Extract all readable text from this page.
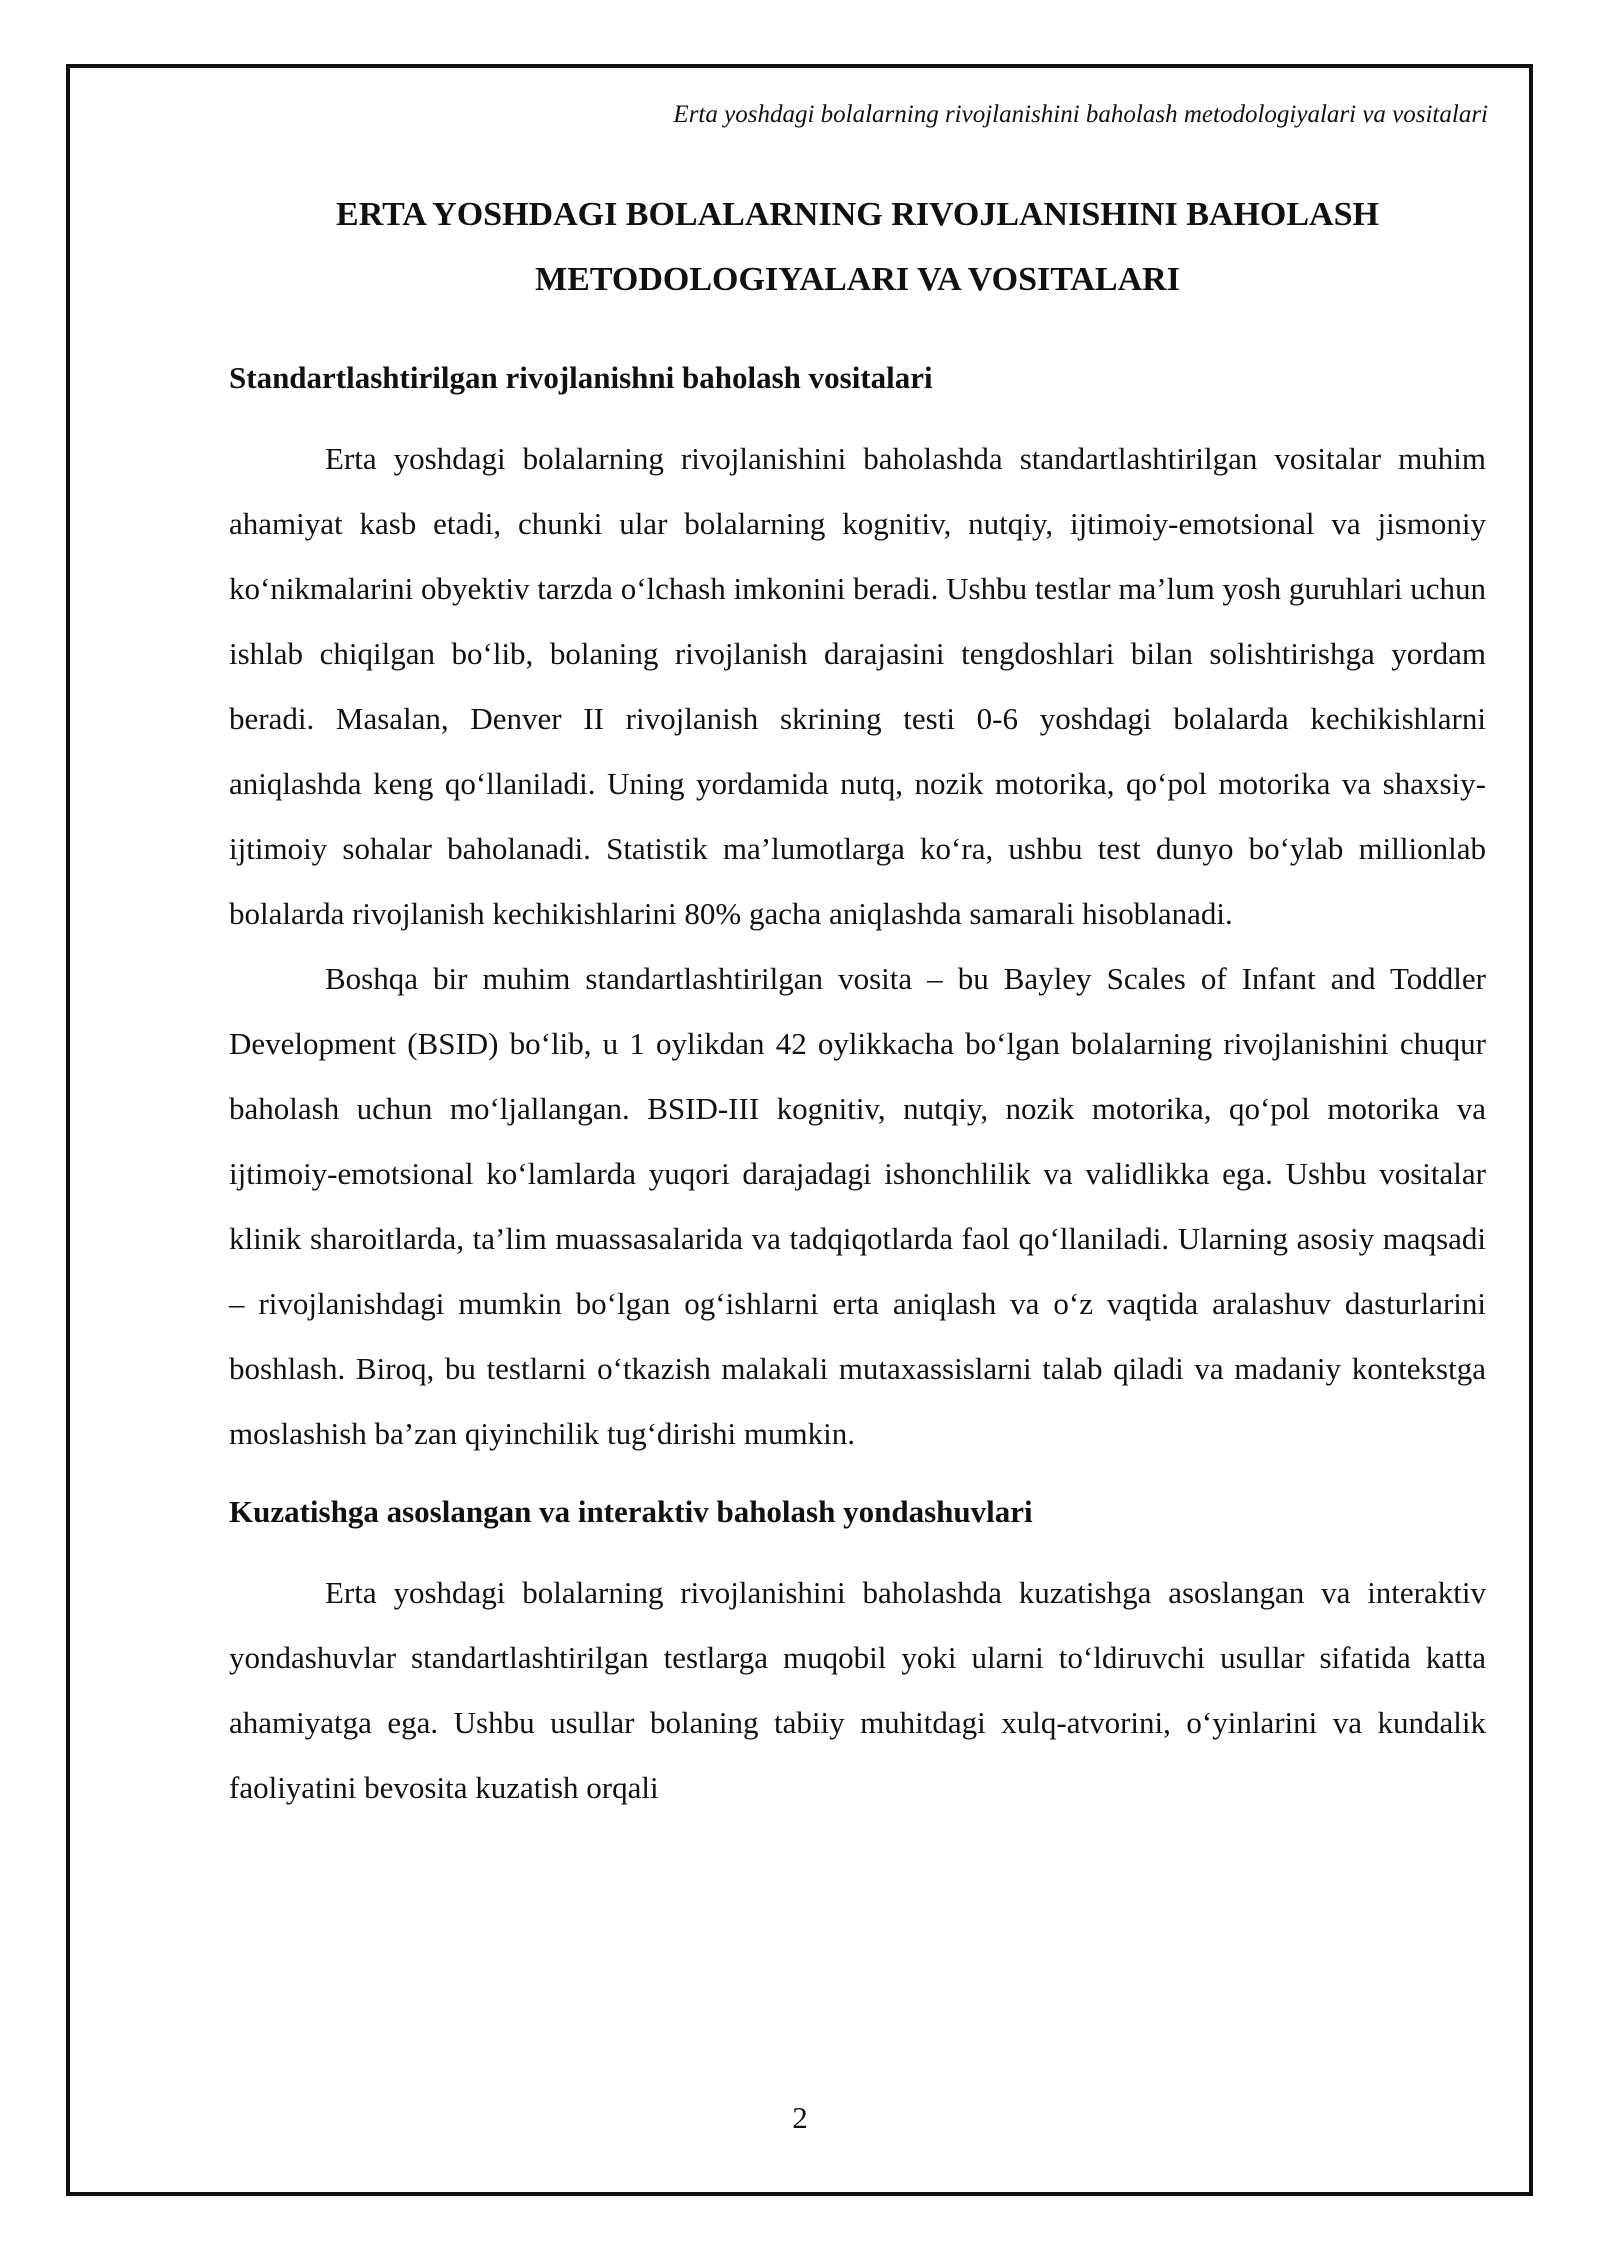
Erta yoshdagi bolalarning rivojlanishini baholash metodologiyalari va vositalari
ERTA YOSHDAGI BOLALARNING RIVOJLANISHINI BAHOLASH
METODOLOGIYALARI VA VOSITALARI
Standartlashtirilgan rivojlanishni baholash vositalari

Erta yoshdagi bolalarning rivojlanishini baholashda standartlashtirilgan vositalar muhim ahamiyat kasb etadi, chunki ular bolalarning kognitiv, nutqiy, ijtimoiy-emotsional va jismoniy ko‘nikmalarini obyektiv tarzda o‘lchash imkonini beradi. Ushbu testlar ma’lum yosh guruhlari uchun ishlab chiqilgan bo‘lib, bolaning rivojlanish darajasini tengdoshlari bilan solishtirishga yordam beradi. Masalan, Denver II rivojlanish skrining testi 0-6 yoshdagi bolalarda kechikishlarni aniqlashda keng qo‘llaniladi. Uning yordamida nutq, nozik motorika, qo‘pol motorika va shaxsiy-ijtimoiy sohalar baholanadi. Statistik ma’lumotlarga ko‘ra, ushbu test dunyo bo‘ylab millionlab bolalarda rivojlanish kechikishlarini 80% gacha aniqlashda samarali hisoblanadi.

Boshqa bir muhim standartlashtirilgan vosita – bu Bayley Scales of Infant and Toddler Development (BSID) bo‘lib, u 1 oylikdan 42 oylikkacha bo‘lgan bolalarning rivojlanishini chuqur baholash uchun mo‘ljallangan. BSID-III kognitiv, nutqiy, nozik motorika, qo‘pol motorika va ijtimoiy-emotsional ko‘lamlarda yuqori darajadagi ishonchlilik va validlikka ega. Ushbu vositalar klinik sharoitlarda, ta’lim muassasalarida va tadqiqotlarda faol qo‘llaniladi. Ularning asosiy maqsadi – rivojlanishdagi mumkin bo‘lgan og‘ishlarni erta aniqlash va o‘z vaqtida aralashuv dasturlarini boshlash. Biroq, bu testlarni o‘tkazish malakali mutaxassislarni talab qiladi va madaniy kontekstga moslashish ba’zan qiyinchilik tug‘dirishi mumkin.

Kuzatishga asoslangan va interaktiv baholash yondashuvlari

Erta yoshdagi bolalarning rivojlanishini baholashda kuzatishga asoslangan va interaktiv yondashuvlar standartlashtirilgan testlarga muqobil yoki ularni to‘ldiruvchi usullar sifatida katta ahamiyatga ega. Ushbu usullar bolaning tabiiy muhitdagi xulq-atvorini, o‘yinlarini va kundalik faoliyatini bevosita kuzatish orqali

2
